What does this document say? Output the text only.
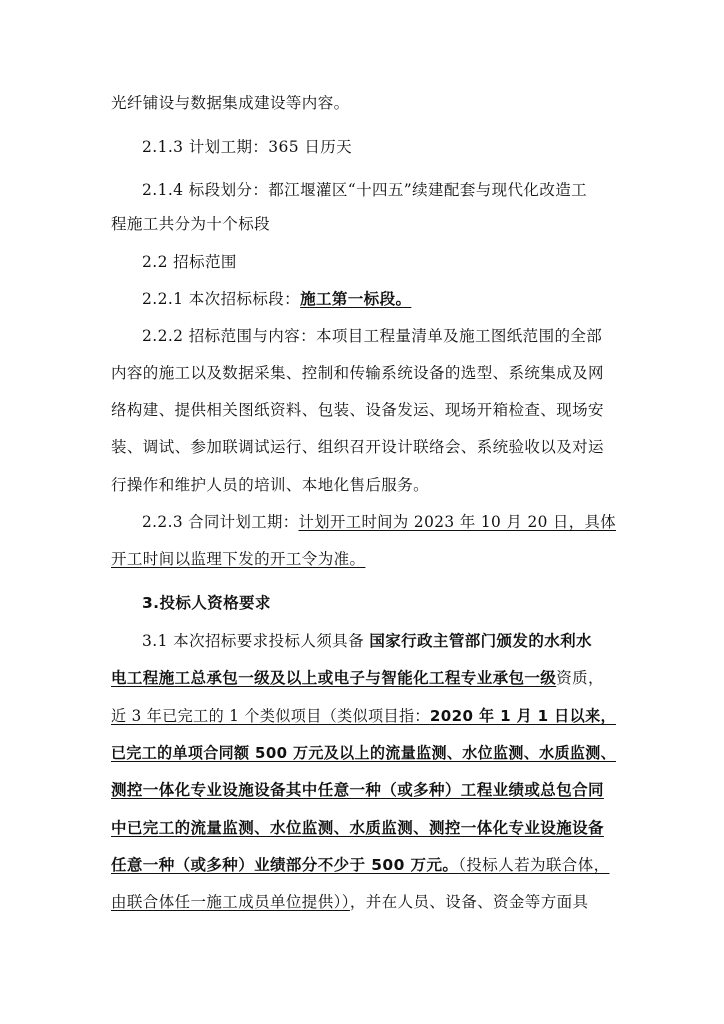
光纤铺设与数据集成建设等内容。
2.1.3 计划工期：365 日历天
2.1.4 标段划分：都江堰灌区“十四五”续建配套与现代化改造工
程施工共分为十个标段
2.2 招标范围
2.2.1 本次招标标段：施工第一标段。
2.2.2 招标范围与内容：本项目工程量清单及施工图纸范围的全部
内容的施工以及数据采集、控制和传输系统设备的选型、系统集成及网
络构建、提供相关图纸资料、包装、设备发运、现场开箱检查、现场安
装、调试、参加联调试运行、组织召开设计联络会、系统验收以及对运
行操作和维护人员的培训、本地化售后服务。
2.2.3 合同计划工期：计划开工时间为 2023 年 10 月 20 日，具体
开工时间以监理下发的开工令为准。
3.投标人资格要求
3.1 本次招标要求投标人须具备 国家行政主管部门颁发的水利水
电工程施工总承包一级及以上或电子与智能化工程专业承包一级资质，
近 3 年已完工的 1 个类似项目（类似项目指：2020 年 1 月 1 日以来，
已完工的单项合同额 500 万元及以上的流量监测、水位监测、水质监测、
测控一体化专业设施设备其中任意一种（或多种）工程业绩或总包合同
中已完工的流量监测、水位监测、水质监测、测控一体化专业设施设备
任意一种（或多种）业绩部分不少于 500 万元。（投标人若为联合体，
由联合体任一施工成员单位提供）），并在人员、设备、资金等方面具
